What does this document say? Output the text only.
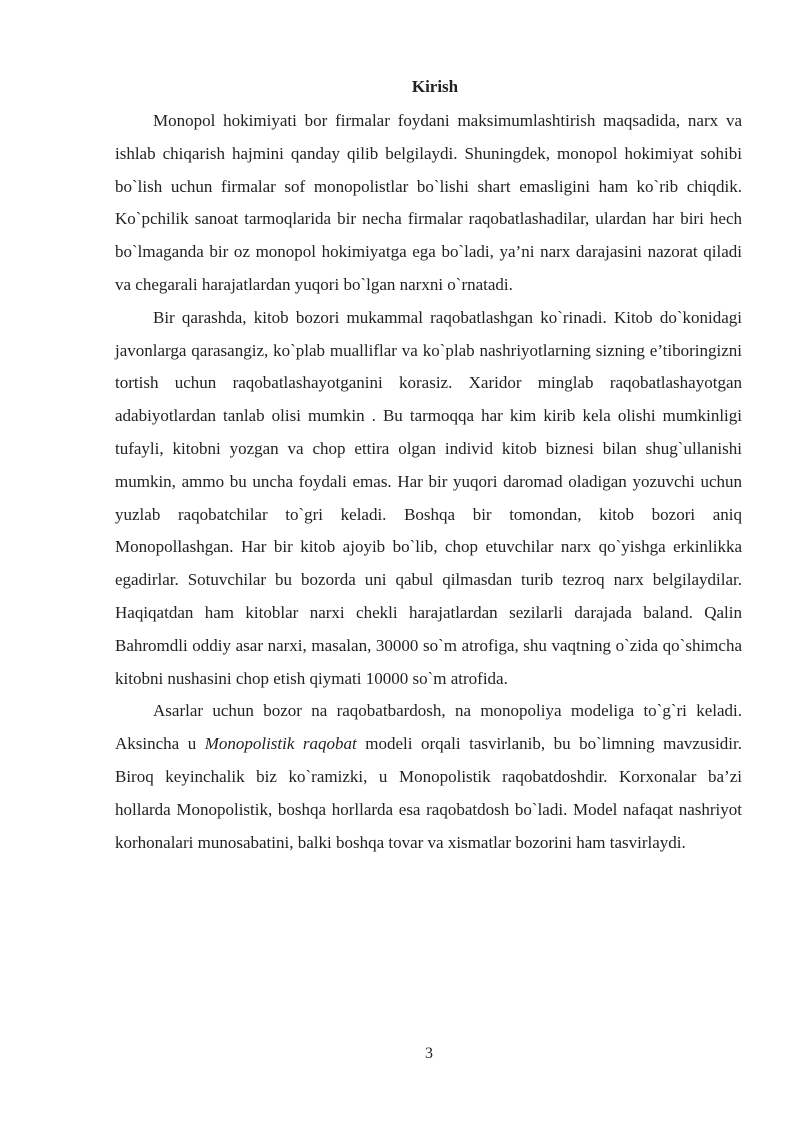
Kirish

Monopol hokimiyati bor firmalar foydani maksimumlashtirish maqsadida, narx va ishlab chiqarish hajmini qanday qilib belgilaydi. Shuningdek, monopol hokimiyat sohibi bo`lish uchun firmalar sof monopolistlar bo`lishi shart emasligini ham ko`rib chiqdik. Ko`pchilik sanoat tarmoqlarida bir necha firmalar raqobatlashadilar, ulardan har biri hech bo`lmaganda bir oz monopol hokimiyatga ega bo`ladi, ya’ni narx darajasini nazorat qiladi va chegarali harajatlardan yuqori bo`lgan narxni o`rnatadi.

Bir qarashda, kitob bozori mukammal raqobatlashgan ko`rinadi. Kitob do`konidagi javonlarga qarasangiz, ko`plab mualliflar va ko`plab nashriyotlarning sizning e’tiboringizni tortish uchun raqobatlashayotganini korasiz. Xaridor minglab raqobatlashayotgan adabiyotlardan tanlab olisi mumkin . Bu tarmoqqa har kim kirib kela olishi mumkinligi tufayli, kitobni yozgan va chop ettira olgan individ kitob biznesi bilan shug`ullanishi mumkin, ammo bu uncha foydali emas. Har bir yuqori daromad oladigan yozuvchi uchun yuzlab raqobatchilar to`gri keladi. Boshqa bir tomondan, kitob bozori aniq Monopollashgan. Har bir kitob ajoyib bo`lib, chop etuvchilar narx qo`yishga erkinlikka egadirlar. Sotuvchilar bu bozorda uni qabul qilmasdan turib tezroq narx belgilaydilar. Haqiqatdan ham kitoblar narxi chekli harajatlardan sezilarli darajada baland. Qalin Bahromdli oddiy asar narxi, masalan, 30000 so`m atrofiga, shu vaqtning o`zida qo`shimcha kitobni nushasini chop etish qiymati 10000 so`m atrofida.

Asarlar uchun bozor na raqobatbardosh, na monopoliya modeliga to`g`ri keladi. Aksincha u Monopolistik raqobat modeli orqali tasvirlanib, bu bo`limning mavzusidir. Biroq keyinchalik biz ko`ramizki, u Monopolistik raqobatdoshdir. Korxonalar ba’zi hollarda Monopolistik, boshqa horllarda esa raqobatdosh bo`ladi. Model nafaqat nashriyot korhonalari munosabatini, balki boshqa tovar va xismatlar bozorini ham tasvirlaydi.

3
